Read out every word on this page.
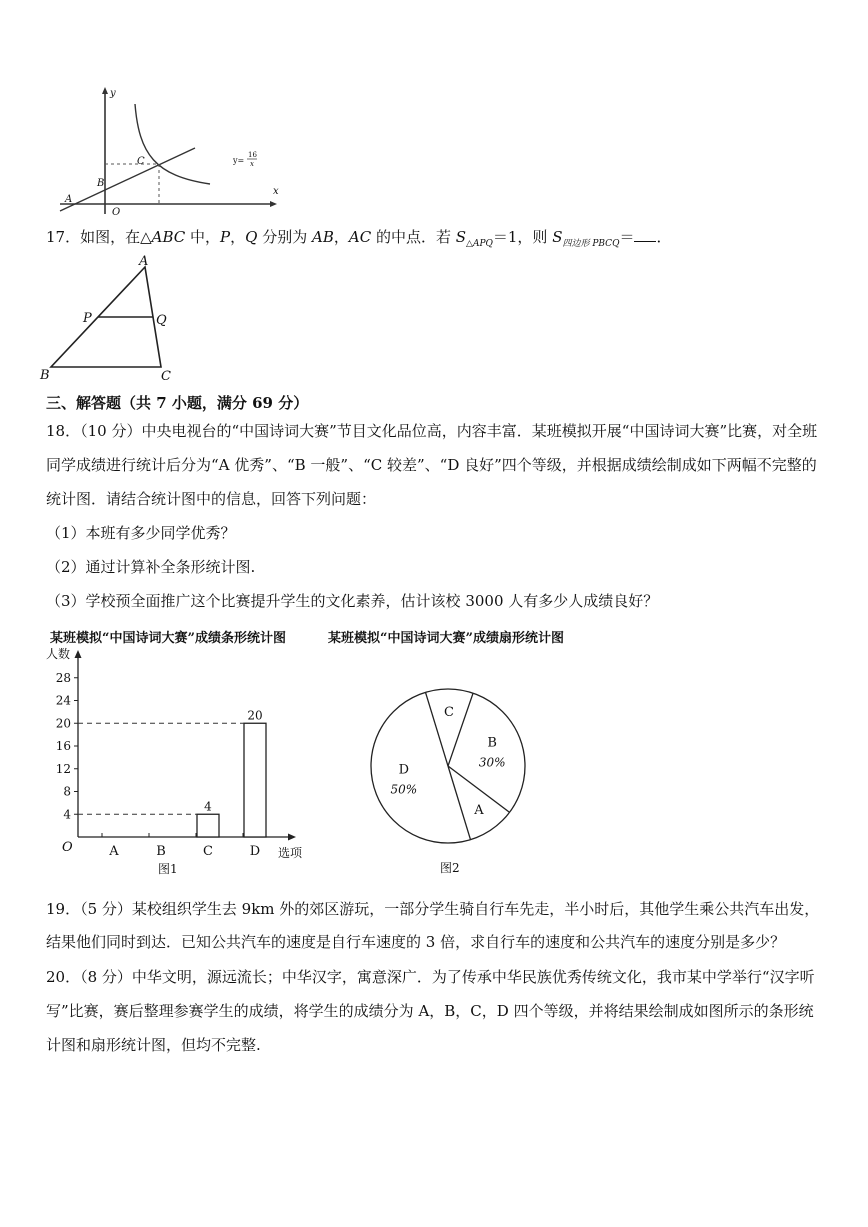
y
x
O
A
B
C	y=
16
x
17．如图，在△ABC 中，P，Q 分别为 AB，AC 的中点．若 $S_{\triangle APQ}=1$，则 $S_{四边形 PBCQ}=$ ．
A
P	Q
B	C
三、解答题（共 7 小题，满分 69 分）
18．（10 分）中央电视台的“中国诗词大赛”节目文化品位高，内容丰富．某班模拟开展“中国诗词大赛”比赛，对全班
同学成绩进行统计后分为“A 优秀”、“B 一般”、“C 较差”、“D 良好”四个等级，并根据成绩绘制成如下两幅不完整的
统计图．请结合统计图中的信息，回答下列问题：
（1）本班有多少同学优秀？
（2）通过计算补全条形统计图.
（3）学校预全面推广这个比赛提升学生的文化素养，估计该校 3000 人有多少人成绩良好？
某班模拟“中国诗词大赛”成绩条形统计图
人数
O	选项
图1
4
8
12
16
20
24
28
A	B	C
4
D
20
某班模拟“中国诗词大赛”成绩扇形统计图
D
50%
C
B
30%
A
图2
19．（5 分）某校组织学生去 9km 外的郊区游玩，一部分学生骑自行车先走，半小时后，其他学生乘公共汽车出发，
结果他们同时到达．已知公共汽车的速度是自行车速度的 3 倍，求自行车的速度和公共汽车的速度分别是多少？
20．（8 分）中华文明，源远流长；中华汉字，寓意深广．为了传承中华民族优秀传统文化，我市某中学举行“汉字听
写”比赛，赛后整理参赛学生的成绩，将学生的成绩分为 A，B，C，D 四个等级，并将结果绘制成如图所示的条形统
计图和扇形统计图，但均不完整.
